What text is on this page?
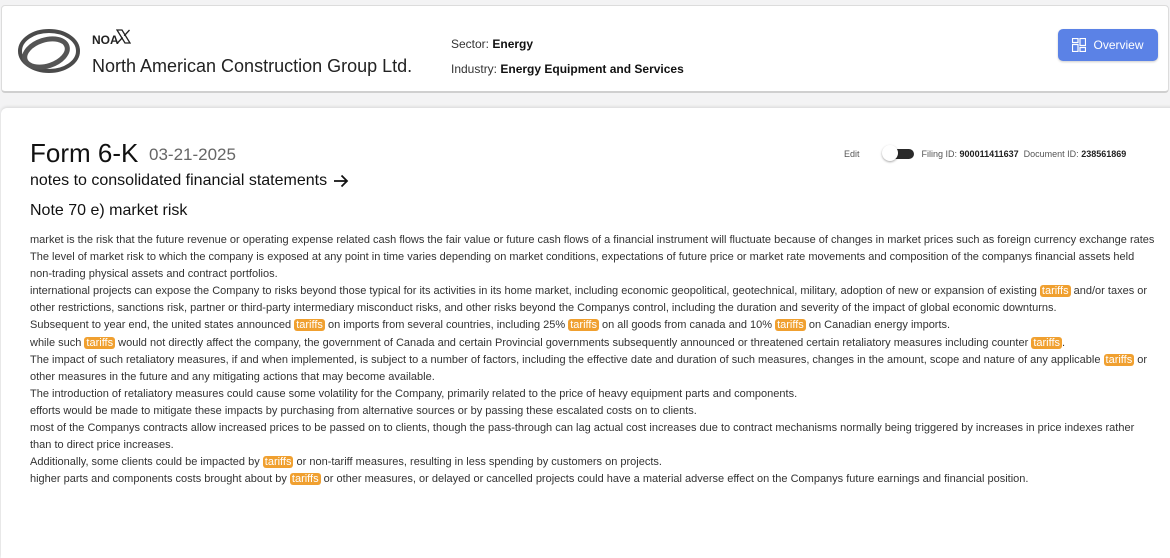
NOA
North American Construction Group Ltd.
Sector: Energy
Industry: Energy Equipment and Services
Overview
Form 6-K 03-21-2025	Edit	Filing ID:
900011411637
Document ID:
238561869
notes to consolidated financial statements
Note 70 e) market risk

market is the risk that the future revenue or operating expense related cash flows the fair value or future cash flows of a financial instrument will fluctuate because of changes in market prices such as foreign currency exchange rates The level of market risk to which the company is exposed at any point in time varies depending on market conditions, expectations of future price or market rate movements and composition of the companys financial assets held non-trading physical assets and contract portfolios.

international projects can expose the Company to risks beyond those typical for its activities in its home market, including economic geopolitical, geotechnical, military, adoption of new or expansion of existing tariffs and/or taxes or other restrictions, sanctions risk, partner or third-party intermediary misconduct risks, and other risks beyond the Companys control, including the duration and severity of the impact of global economic downturns.

Subsequent to year end, the united states announced tariffs on imports from several countries, including 25% tariffs on all goods from canada and 10% tariffs on Canadian energy imports.

while such tariffs would not directly affect the company, the government of Canada and certain Provincial governments subsequently announced or threatened certain retaliatory measures including counter tariffs .

The impact of such retaliatory measures, if and when implemented, is subject to a number of factors, including the effective date and duration of such measures, changes in the amount, scope and nature of any applicable tariffs or other measures in the future and any mitigating actions that may become available.

The introduction of retaliatory measures could cause some volatility for the Company, primarily related to the price of heavy equipment parts and components.

efforts would be made to mitigate these impacts by purchasing from alternative sources or by passing these escalated costs on to clients.

most of the Companys contracts allow increased prices to be passed on to clients, though the pass-through can lag actual cost increases due to contract mechanisms normally being triggered by increases in price indexes rather than to direct price increases.

Additionally, some clients could be impacted by tariffs or non-tariff measures, resulting in less spending by customers on projects.

higher parts and components costs brought about by tariffs or other measures, or delayed or cancelled projects could have a material adverse effect on the Companys future earnings and financial position.
